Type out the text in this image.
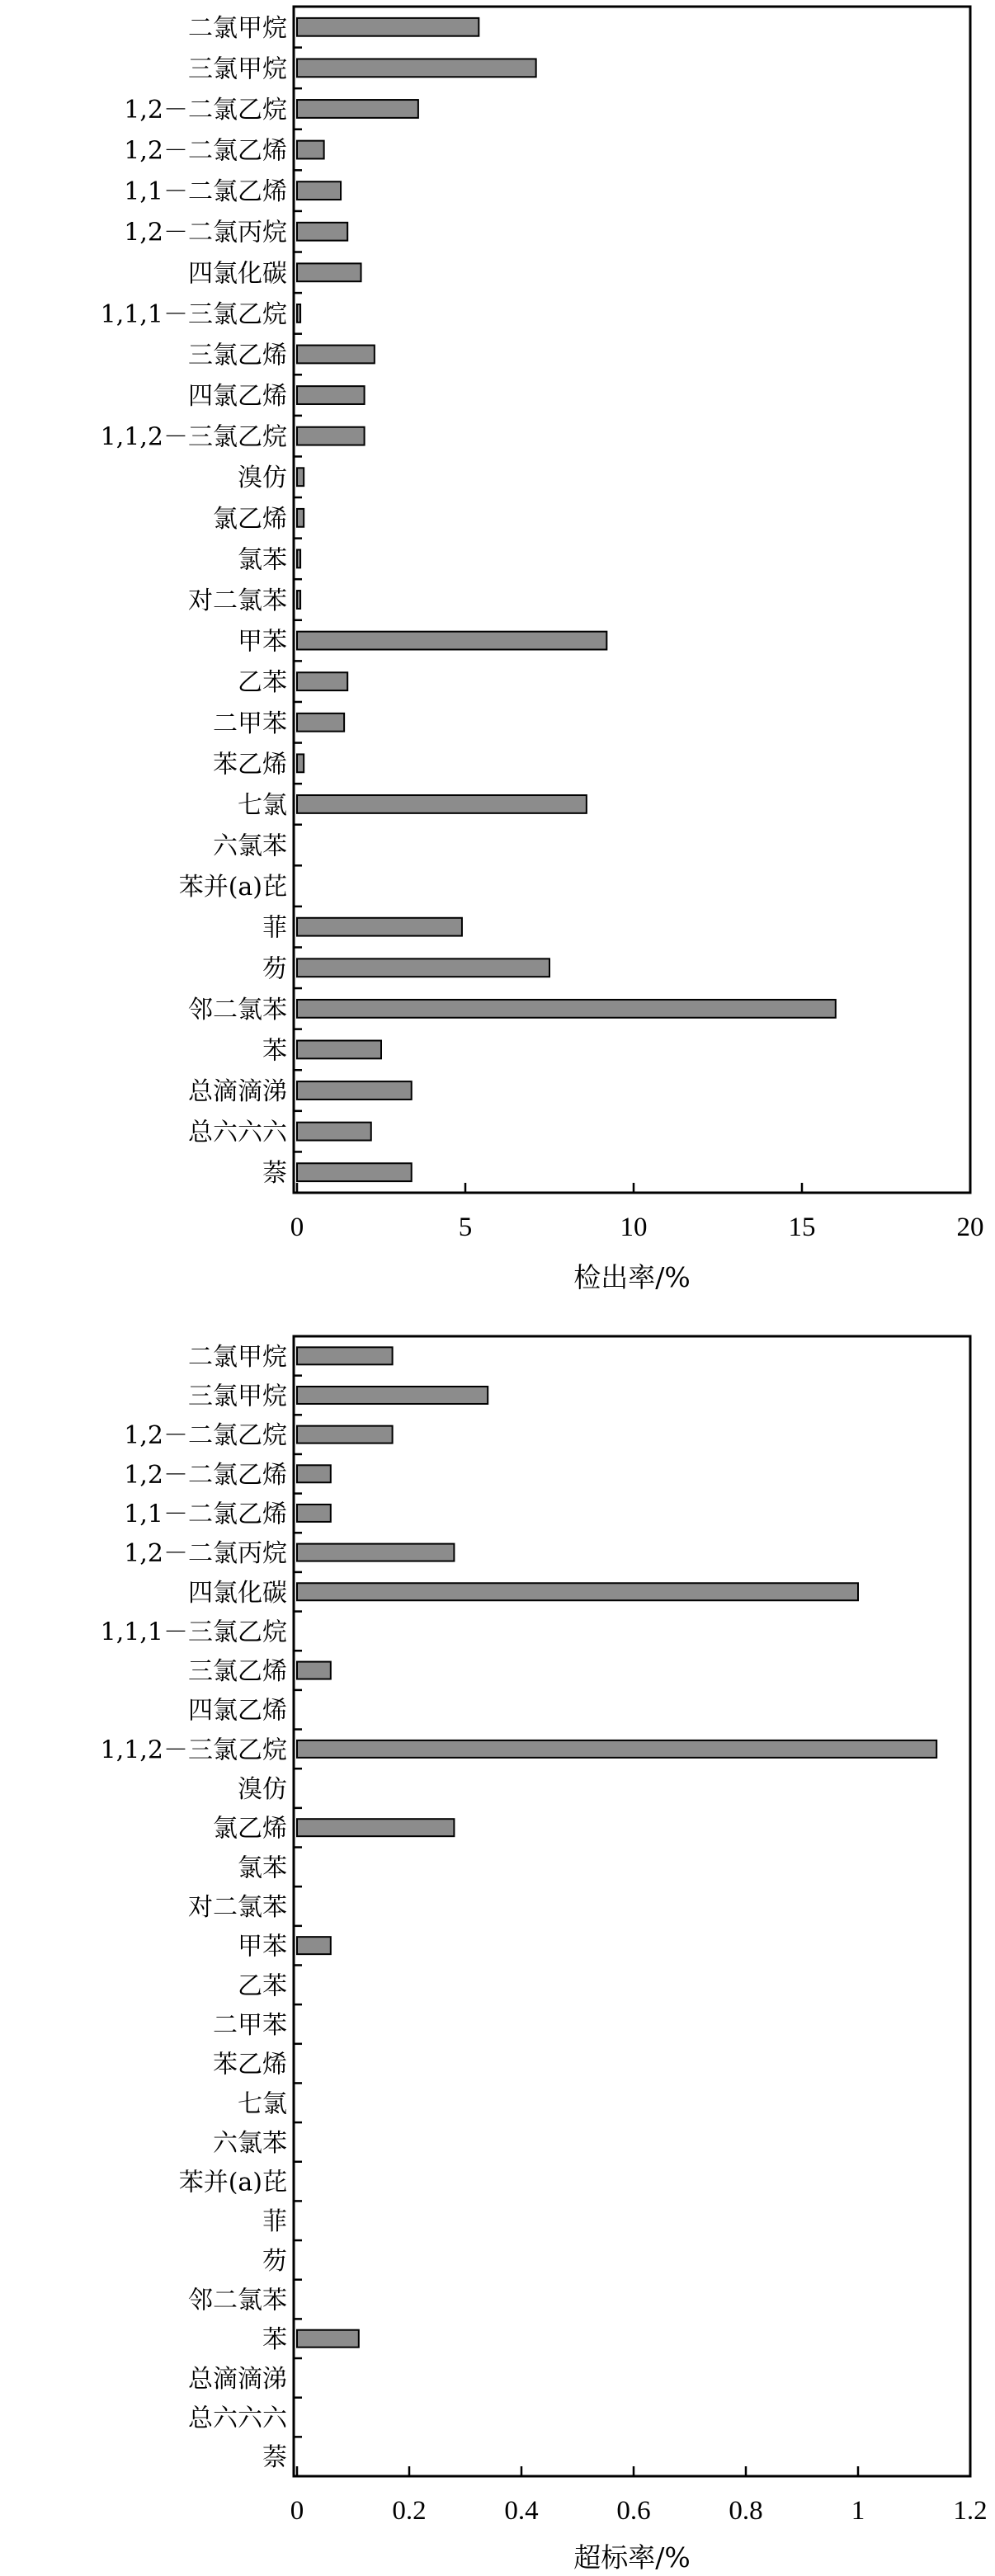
二氯甲烷
三氯甲烷
1,2－二氯乙烷
1,2－二氯乙烯
1,1－二氯乙烯
1,2－二氯丙烷
四氯化碳
1,1,1－三氯乙烷
三氯乙烯
四氯乙烯
1,1,2－三氯乙烷
溴仿
氯乙烯
氯苯
对二氯苯
甲苯
乙苯
二甲苯
苯乙烯
七氯
六氯苯
苯并(a)芘
菲
芴
邻二氯苯
苯
总滴滴涕
总六六六
萘
0	5	10	15	20
检出率/%
二氯甲烷
三氯甲烷
1,2－二氯乙烷
1,2－二氯乙烯
1,1－二氯乙烯
1,2－二氯丙烷
四氯化碳
1,1,1－三氯乙烷
三氯乙烯
四氯乙烯
1,1,2－三氯乙烷
溴仿
氯乙烯
氯苯
对二氯苯
甲苯
乙苯
二甲苯
苯乙烯
七氯
六氯苯
苯并(a)芘
菲
芴
邻二氯苯
苯
总滴滴涕
总六六六
萘
0	0.2	0.4	0.6	0.8	1	1.2
超标率/%
